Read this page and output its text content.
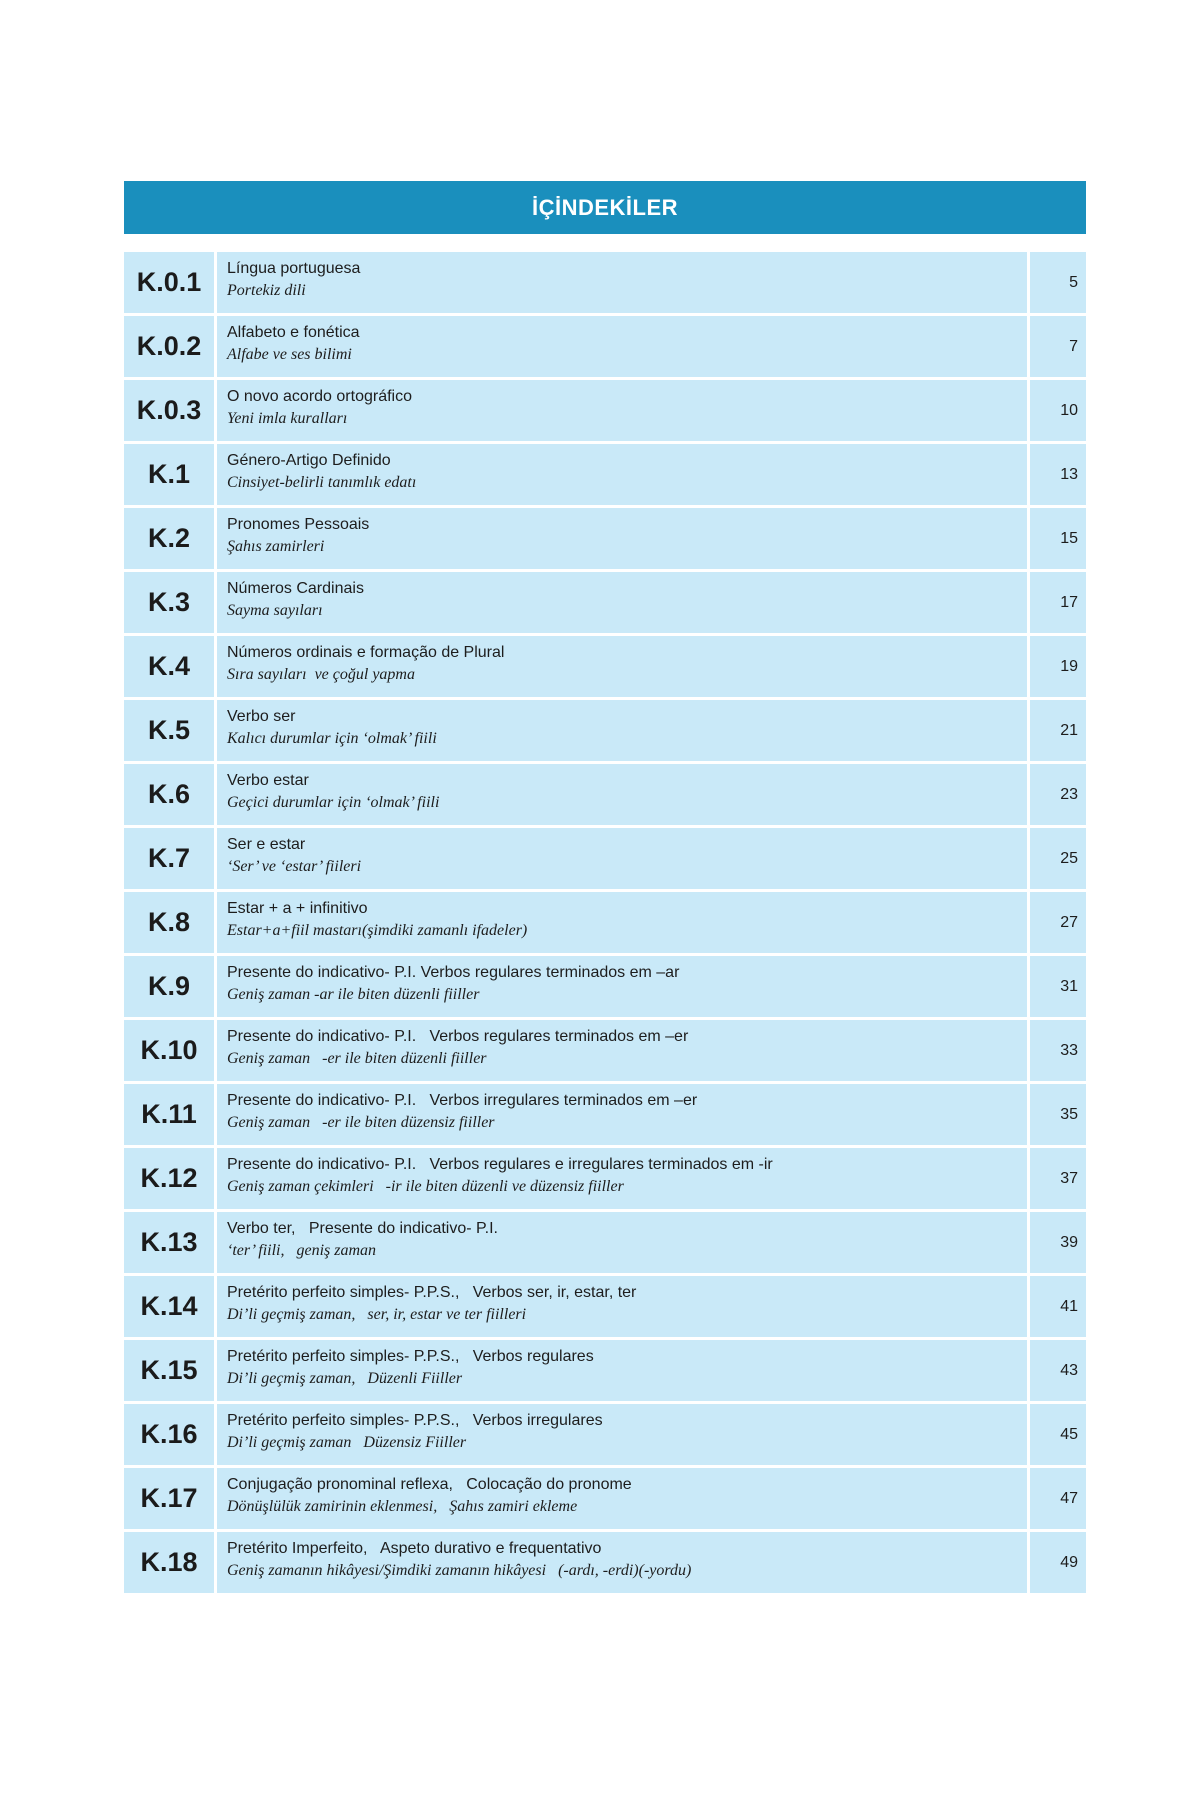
İÇİNDEKİLER
K.0.1	Língua portuguesa
Portekiz dili	5
K.0.2	Alfabeto e fonética
Alfabe ve ses bilimi	7
K.0.3	O novo acordo ortográfico
Yeni imla kuralları	10
K.1	Género-Artigo Definido
Cinsiyet-belirli tanımlık edatı	13
K.2	Pronomes Pessoais
Şahıs zamirleri	15
K.3	Números Cardinais
Sayma sayıları	17
K.4	Números ordinais e formação de Plural
Sıra sayıları  ve çoğul yapma	19
K.5	Verbo ser
Kalıcı durumlar için ‘olmak’ fiili	21
K.6	Verbo estar
Geçici durumlar için ‘olmak’ fiili	23
K.7	Ser e estar
‘Ser’ ve ‘estar’ fiileri	25
K.8	Estar + a + infinitivo
Estar+a+fiil mastarı(şimdiki zamanlı ifadeler)	27
K.9	Presente do indicativo- P.I. Verbos regulares terminados em –ar
Geniş zaman -ar ile biten düzenli fiiller	31
K.10	Presente do indicativo- P.I.   Verbos regulares terminados em –er
Geniş zaman   -er ile biten düzenli fiiller	33
K.11	Presente do indicativo- P.I.   Verbos irregulares terminados em –er
Geniş zaman   -er ile biten düzensiz fiiller	35
K.12	Presente do indicativo- P.I.   Verbos regulares e irregulares terminados em -ir
Geniş zaman çekimleri   -ir ile biten düzenli ve düzensiz fiiller	37
K.13	Verbo ter,   Presente do indicativo- P.I.
‘ter’ fiili,   geniş zaman	39
K.14	Pretérito perfeito simples- P.P.S.,   Verbos ser, ir, estar, ter
Di’li geçmiş zaman,   ser, ir, estar ve ter fiilleri	41
K.15	Pretérito perfeito simples- P.P.S.,   Verbos regulares
Di’li geçmiş zaman,   Düzenli Fiiller	43
K.16	Pretérito perfeito simples- P.P.S.,   Verbos irregulares
Di’li geçmiş zaman   Düzensiz Fiiller	45
K.17	Conjugação pronominal reflexa,   Colocação do pronome
Dönüşlülük zamirinin eklenmesi,   Şahıs zamiri ekleme	47
K.18	Pretérito Imperfeito,   Aspeto durativo e frequentativo
Geniş zamanın hikâyesi/Şimdiki zamanın hikâyesi   (-ardı, -erdi)(-yordu)	49
